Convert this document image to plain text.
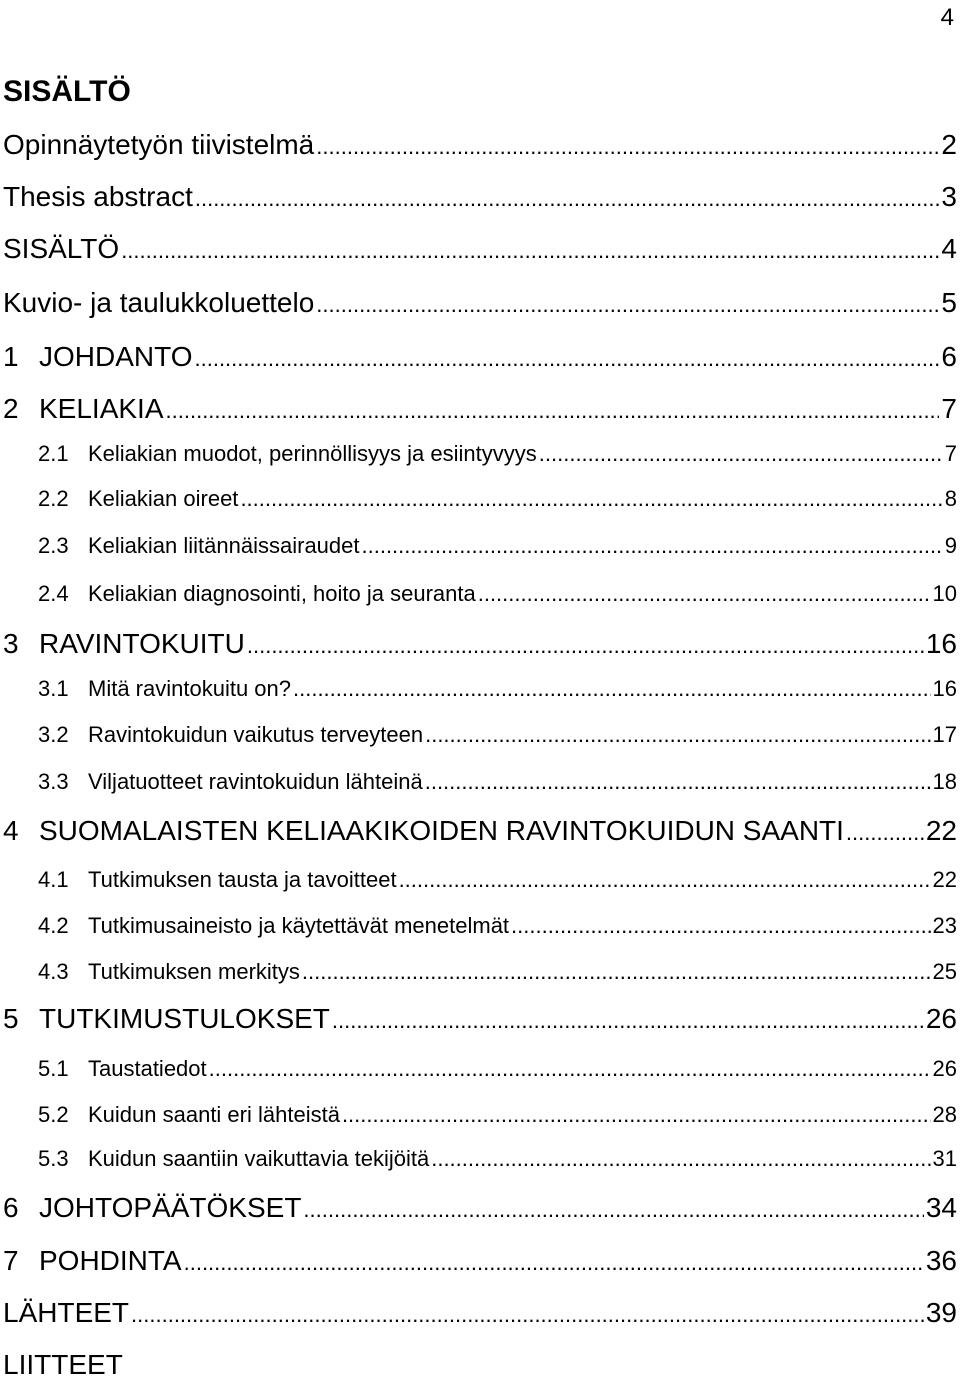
4
SISÄLTÖ
Opinnäytetyön tiivistelmä .....	2
Thesis abstract .....	3
SISÄLTÖ .....	4
Kuvio- ja taulukkoluettelo .....	5
1 JOHDANTO .....	6
2 KELIAKIA .....	7
2.1 Keliakian muodot, perinnöllisyys ja esiintyvyys .....	7
2.2 Keliakian oireet .....	8
2.3 Keliakian liitännäissairaudet .....	9
2.4 Keliakian diagnosointi, hoito ja seuranta .....	10
3 RAVINTOKUITU .....	16
3.1 Mitä ravintokuitu on? .....	16
3.2 Ravintokuidun vaikutus terveyteen .....	17
3.3 Viljatuotteet ravintokuidun lähteinä .....	18
4 SUOMALAISTEN KELIAAKIKOIDEN RAVINTOKUIDUN SAANTI .....	22
4.1 Tutkimuksen tausta ja tavoitteet .....	22
4.2 Tutkimusaineisto ja käytettävät menetelmät .....	23
4.3 Tutkimuksen merkitys .....	25
5 TUTKIMUSTULOKSET .....	26
5.1 Taustatiedot .....	26
5.2 Kuidun saanti eri lähteistä .....	28
5.3 Kuidun saantiin vaikuttavia tekijöitä .....	31
6 JOHTOPÄÄTÖKSET .....	34
7 POHDINTA .....	36
LÄHTEET .....	39
LIITTEET
